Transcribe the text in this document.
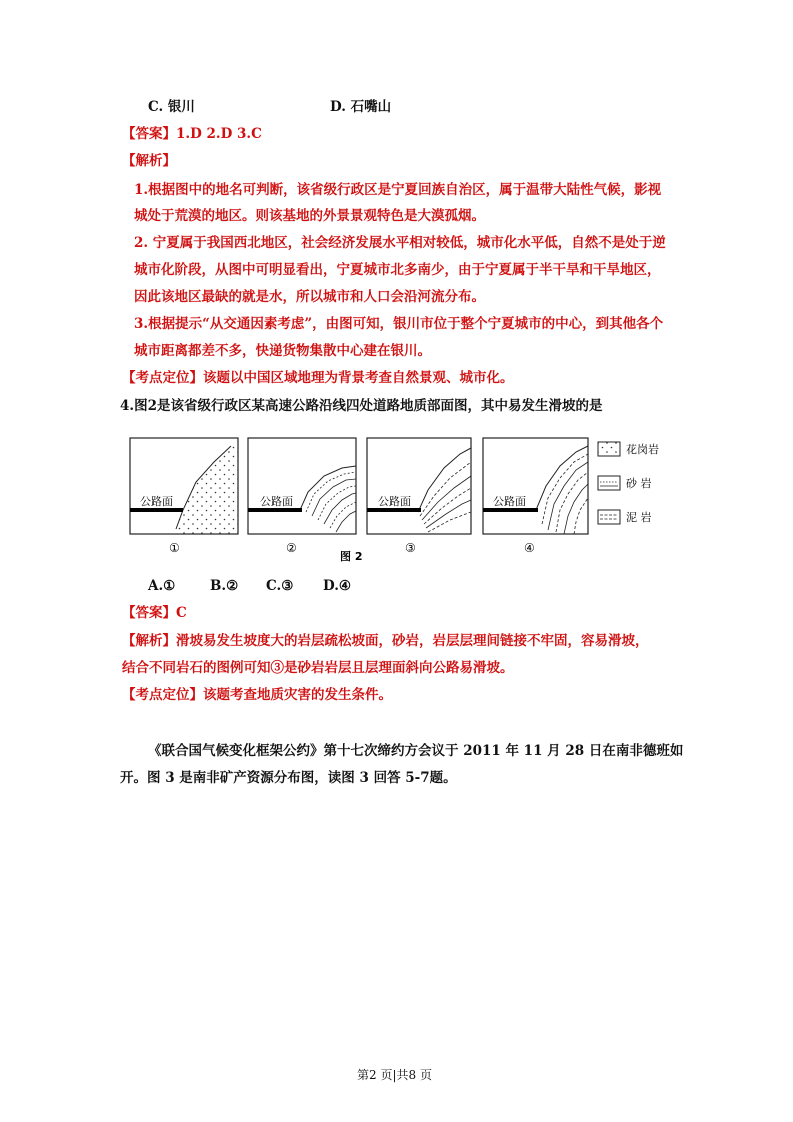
C. 银川	D. 石嘴山
【答案】1.D 2.D 3.C
【解析】
1.根据图中的地名可判断，该省级行政区是宁夏回族自治区，属于温带大陆性气候，影视
城处于荒漠的地区。则该基地的外景景观特色是大漠孤烟。
2. 宁夏属于我国西北地区，社会经济发展水平相对较低，城市化水平低，自然不是处于逆
城市化阶段，从图中可明显看出，宁夏城市北多南少，由于宁夏属于半干旱和干旱地区，
因此该地区最缺的就是水，所以城市和人口会沿河流分布。
3.根据提示“从交通因素考虑”，由图可知，银川市位于整个宁夏城市的中心，到其他各个
城市距离都差不多，快递货物集散中心建在银川。
【考点定位】该题以中国区域地理为背景考查自然景观、城市化。
4.图2是该省级行政区某高速公路沿线四处道路地质部面图，其中易发生滑坡的是
公路面	公路面	公路面	公路面
花岗岩
砂 岩
泥 岩
①	②	③	④
图 2
A.①	B.② C.③ D.④
【答案】C
【解析】滑坡易发生坡度大的岩层疏松坡面，砂岩，岩层层理间链接不牢固，容易滑坡，
结合不同岩石的图例可知③是砂岩岩层且层理面斜向公路易滑坡。
【考点定位】该题考查地质灾害的发生条件。
《联合国气候变化框架公约》第十七次缔约方会议于 2011 年 11 月 28 日在南非德班如
开。图 3 是南非矿产资源分布图，读图 3 回答 5-7题。
第2 页|共8 页
